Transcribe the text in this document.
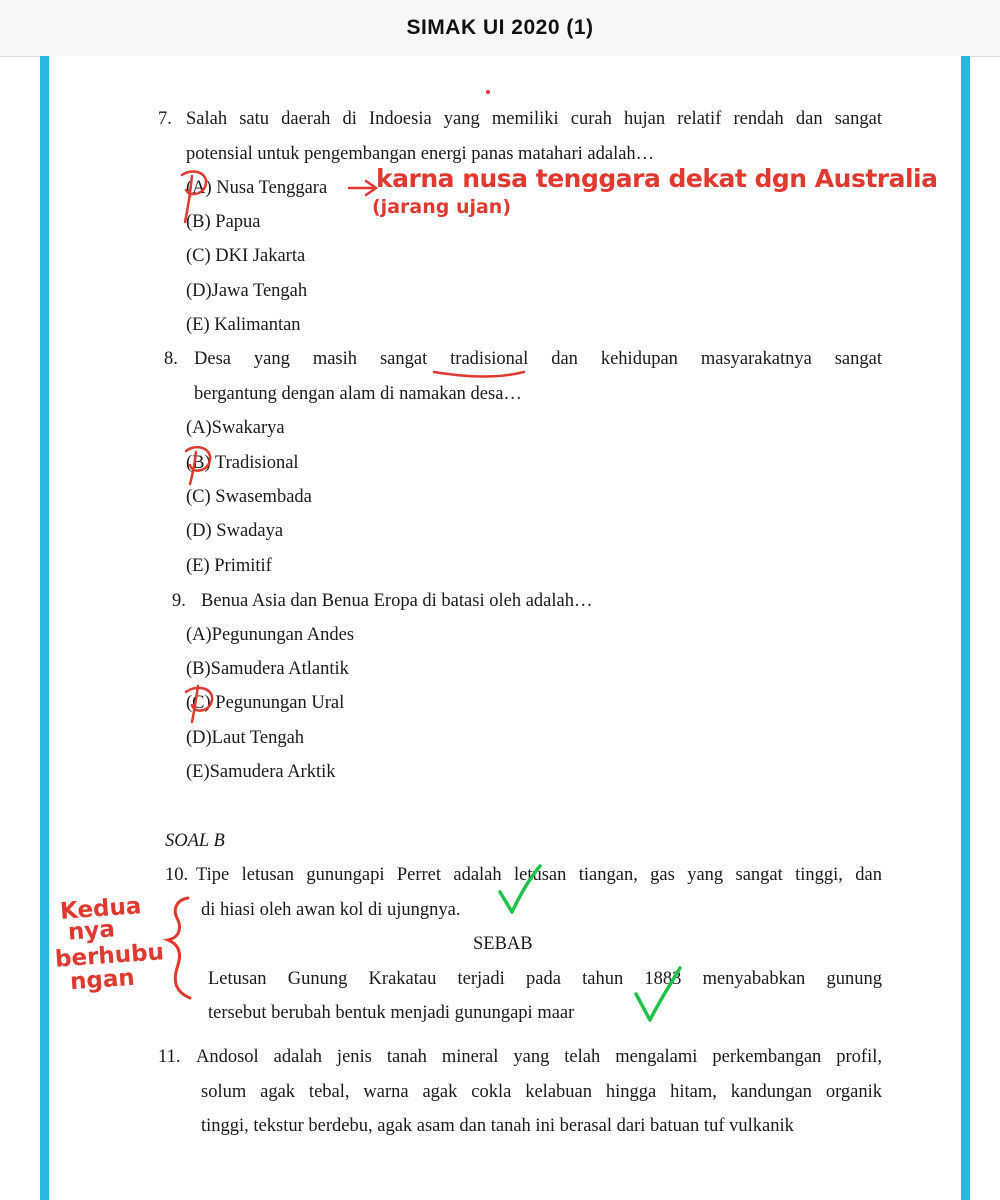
SIMAK UI 2020 (1)
7. Salah satu daerah di Indoesia yang memiliki curah hujan relatif rendah dan sangat
potensial untuk pengembangan energi panas matahari adalah…
(A) Nusa Tenggara
(B) Papua
(C) DKI Jakarta
(D)Jawa Tengah
(E) Kalimantan
8. Desa yang masih sangat tradisional dan kehidupan masyarakatnya sangat
bergantung dengan alam di namakan desa…
(A)Swakarya
(B) Tradisional
(C) Swasembada
(D) Swadaya
(E) Primitif
9. Benua Asia dan Benua Eropa di batasi oleh adalah…
(A)Pegunungan Andes
(B)Samudera Atlantik
(C) Pegunungan Ural
(D)Laut Tengah
(E)Samudera Arktik
SOAL B
10. Tipe letusan gunungapi Perret adalah letusan tiangan, gas yang sangat tinggi, dan
di hiasi oleh awan kol di ujungnya.
SEBAB
Letusan Gunung Krakatau terjadi pada tahun 1883 menyababkan gunung
tersebut berubah bentuk menjadi gunungapi maar
11. Andosol adalah jenis tanah mineral yang telah mengalami perkembangan profil,
solum agak tebal, warna agak cokla kelabuan hingga hitam, kandungan organik
tinggi, tekstur berdebu, agak asam dan tanah ini berasal dari batuan tuf vulkanik
karna nusa tenggara dekat dgn Australia
(jarang ujan)
Kedua
nya
berhubu
ngan
